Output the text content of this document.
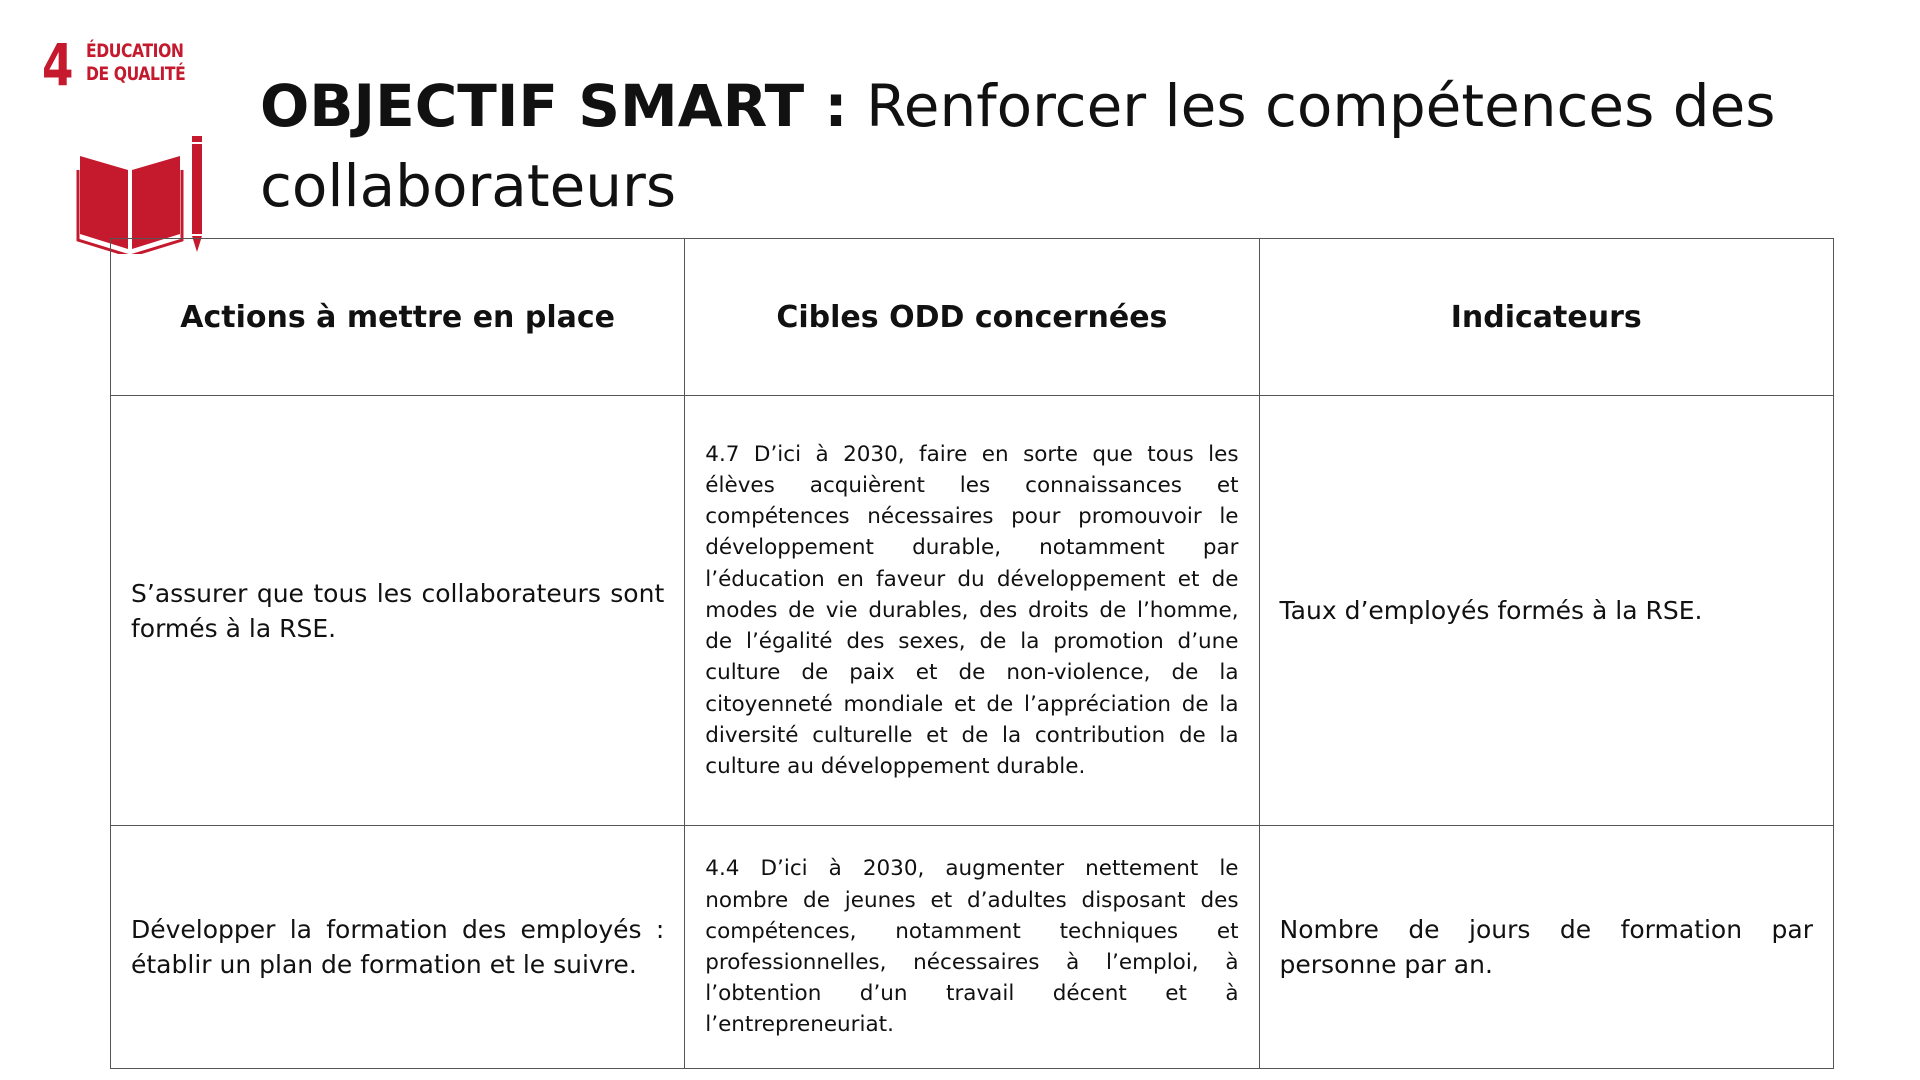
4 ÉDUCATION
DE QUALITÉ OBJECTIF SMART : Renforcer les compétences des collaborateurs
Actions à mettre en place	Cibles ODD concernées	Indicateurs
S’assurer que tous les collaborateurs sont formés à la RSE.	4.7 D’ici à 2030, faire en sorte que tous les élèves acquièrent les connaissances et compétences nécessaires pour promouvoir le développement durable, notamment par l’éducation en faveur du développement et de modes de vie durables, des droits de l’homme, de l’égalité des sexes, de la promotion d’une culture de paix et de non-violence, de la citoyenneté mondiale et de l’appréciation de la diversité culturelle et de la contribution de la culture au développement durable.	Taux d’employés formés à la RSE.
Développer la formation des employés : établir un plan de formation et le suivre.	4.4 D’ici à 2030, augmenter nettement le nombre de jeunes et d’adultes disposant des compétences, notamment techniques et professionnelles, nécessaires à l’emploi, à l’obtention d’un travail décent et à l’entrepreneuriat.	Nombre de jours de formation par personne par an.
